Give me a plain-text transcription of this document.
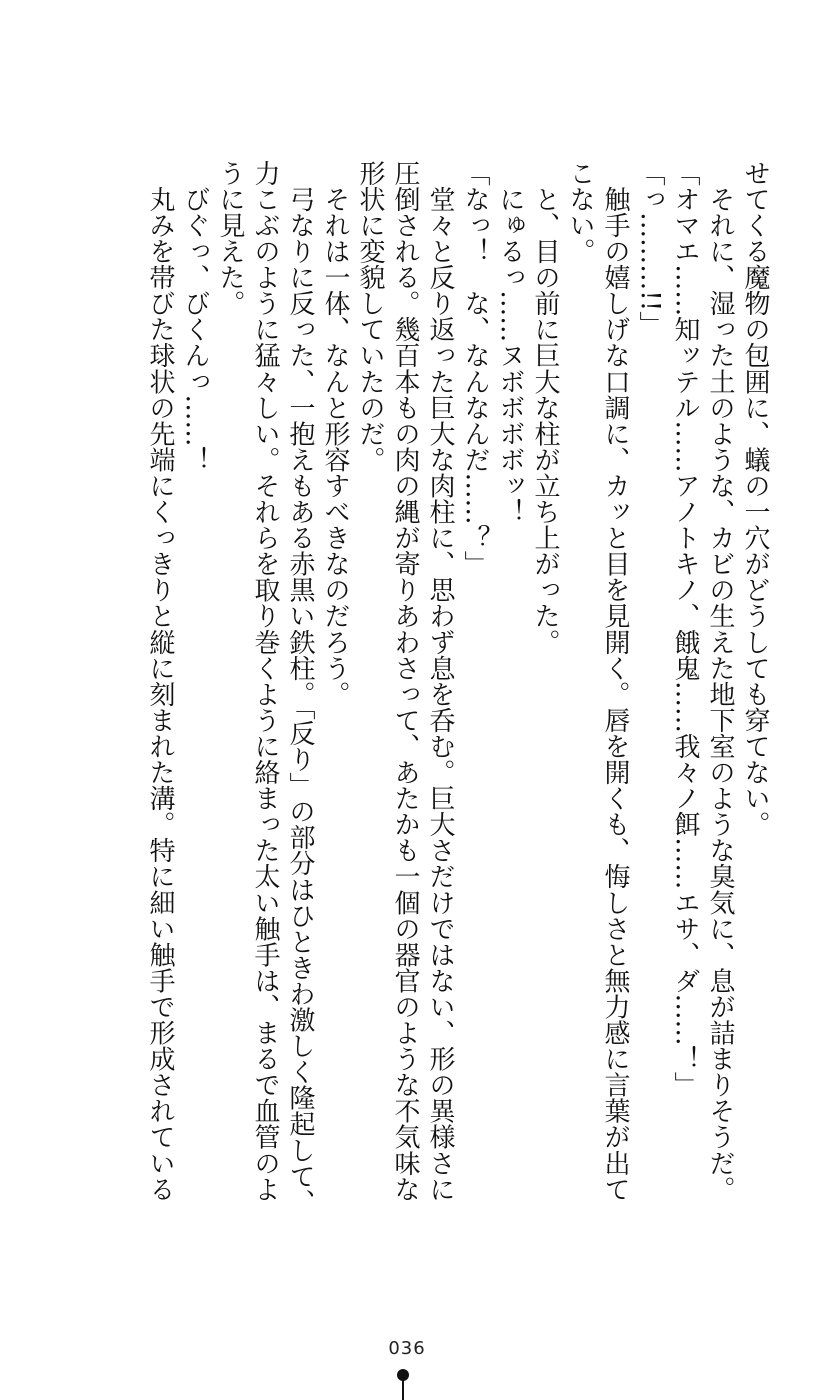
せてくる魔物の包囲に、蟻の一穴がどうしても穿てない。
　それに、湿った土のような、カビの生えた地下室のような臭気に、息が詰まりそうだ。
「オマエ……知ッテル……アノトキノ、餓鬼……我々ノ餌……エサ、ダ……！」
「っ………!!」
　触手の嬉しげな口調に、カッと目を見開く。唇を開くも、悔しさと無力感に言葉が出て
こない。
　と、目の前に巨大な柱が立ち上がった。
　にゅるっ……ヌボボボボッ！
「なっ！　な、なんなんだ……？」
　堂々と反り返った巨大な肉柱に、思わず息を呑む。巨大さだけではない、形の異様さに
圧倒される。幾百本もの肉の縄が寄りあわさって、あたかも一個の器官のような不気味な
形状に変貌していたのだ。
　それは一体、なんと形容すべきなのだろう。
　弓なりに反った、一抱えもある赤黒い鉄柱。「反り」の部分はひときわ激しく隆起して、
力こぶのように猛々しい。それらを取り巻くように絡まった太い触手は、まるで血管のよ
うに見えた。
　びぐっ、びくんっ……！
　丸みを帯びた球状の先端にくっきりと縦に刻まれた溝。特に細い触手で形成されている
036
